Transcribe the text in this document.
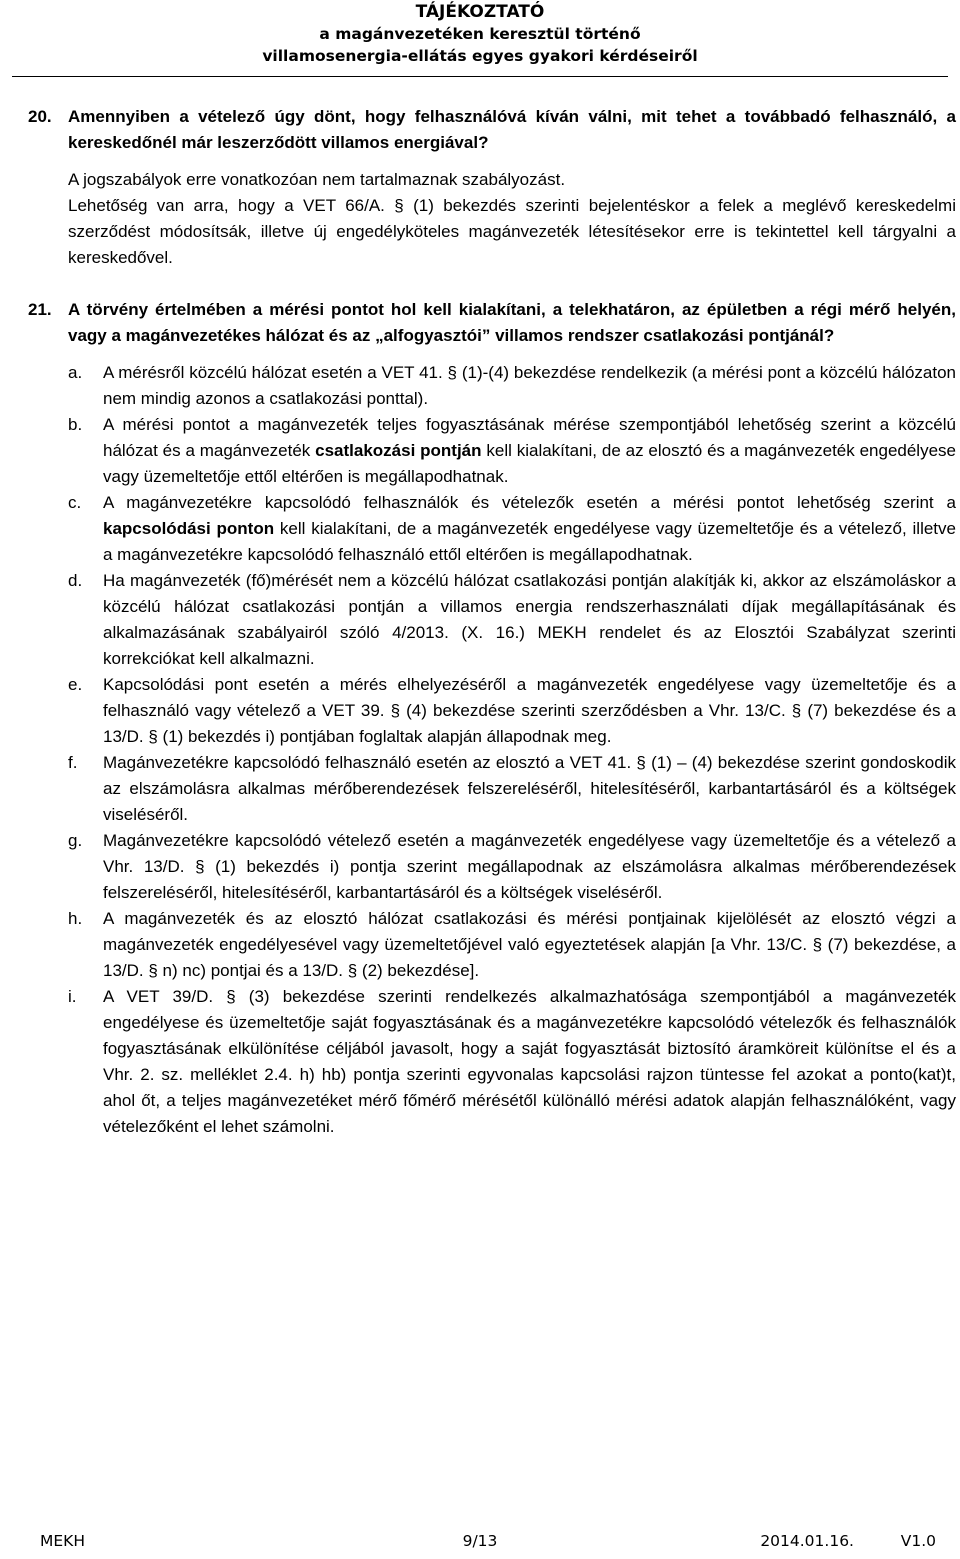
TÁJÉKOZTATÓ
a magánvezetéken keresztül történő
villamosenergia-ellátás egyes gyakori kérdéseiről
20. Amennyiben a vételező úgy dönt, hogy felhasználóvá kíván válni, mit tehet a továbbadó felhasználó, a kereskedőnél már leszerződött villamos energiával?
A jogszabályok erre vonatkozóan nem tartalmaznak szabályozást.
Lehetőség van arra, hogy a VET 66/A. § (1) bekezdés szerinti bejelentéskor a felek a meglévő kereskedelmi szerződést módosítsák, illetve új engedélyköteles magánvezeték létesítésekor erre is tekintettel kell tárgyalni a kereskedővel.
21. A törvény értelmében a mérési pontot hol kell kialakítani, a telekhatáron, az épületben a régi mérő helyén, vagy a magánvezetékes hálózat és az „alfogyasztói” villamos rendszer csatlakozási pontjánál?
a.	A mérésről közcélú hálózat esetén a VET 41. § (1)-(4) bekezdése rendelkezik (a mérési pont a közcélú hálózaton nem mindig azonos a csatlakozási ponttal).
b.	A mérési pontot a magánvezeték teljes fogyasztásának mérése szempontjából lehetőség szerint a közcélú hálózat és a magánvezeték csatlakozási pontján kell kialakítani, de az elosztó és a magánvezeték engedélyese vagy üzemeltetője ettől eltérően is megállapodhatnak.
c.	A magánvezetékre kapcsolódó felhasználók és vételezők esetén a mérési pontot lehetőség szerint a kapcsolódási ponton kell kialakítani, de a magánvezeték engedélyese vagy üzemeltetője és a vételező, illetve a magánvezetékre kapcsolódó felhasználó ettől eltérően is megállapodhatnak.
d.	Ha magánvezeték (fő)mérését nem a közcélú hálózat csatlakozási pontján alakítják ki, akkor az elszámoláskor a közcélú hálózat csatlakozási pontján a villamos energia rendszerhasználati díjak megállapításának és alkalmazásának szabályairól szóló 4/2013. (X. 16.) MEKH rendelet és az Elosztói Szabályzat szerinti korrekciókat kell alkalmazni.
e.	Kapcsolódási pont esetén a mérés elhelyezéséről a magánvezeték engedélyese vagy üzemeltetője és a felhasználó vagy vételező a VET 39. § (4) bekezdése szerinti szerződésben a Vhr. 13/C. § (7) bekezdése és a 13/D. § (1) bekezdés i) pontjában foglaltak alapján állapodnak meg.
f.	Magánvezetékre kapcsolódó felhasználó esetén az elosztó a VET 41. § (1) – (4) bekezdése szerint gondoskodik az elszámolásra alkalmas mérőberendezések felszereléséről, hitelesítéséről, karbantartásáról és a költségek viseléséről.
g.	Magánvezetékre kapcsolódó vételező esetén a magánvezeték engedélyese vagy üzemeltetője és a vételező a Vhr. 13/D. § (1) bekezdés i) pontja szerint megállapodnak az elszámolásra alkalmas mérőberendezések felszereléséről, hitelesítéséről, karbantartásáról és a költségek viseléséről.
h.	A magánvezeték és az elosztó hálózat csatlakozási és mérési pontjainak kijelölését az elosztó végzi a magánvezeték engedélyesével vagy üzemeltetőjével való egyeztetések alapján [a Vhr. 13/C. § (7) bekezdése, a 13/D. § n) nc) pontjai és a 13/D. § (2) bekezdése].
i.	A VET 39/D. § (3) bekezdése szerinti rendelkezés alkalmazhatósága szempontjából a magánvezeték engedélyese és üzemeltetője saját fogyasztásának és a magánvezetékre kapcsolódó vételezők és felhasználók fogyasztásának elkülönítése céljából javasolt, hogy a saját fogyasztását biztosító áramköreit különítse el és a Vhr. 2. sz. melléklet 2.4. h) hb) pontja szerinti egyvonalas kapcsolási rajzon tüntesse fel azokat a ponto(kat)t, ahol őt, a teljes magánvezetéket mérő főmérő mérésétől különálló mérési adatok alapján felhasználóként, vagy vételezőként el lehet számolni.
MEKH	9/13	2014.01.16.	V1.0
